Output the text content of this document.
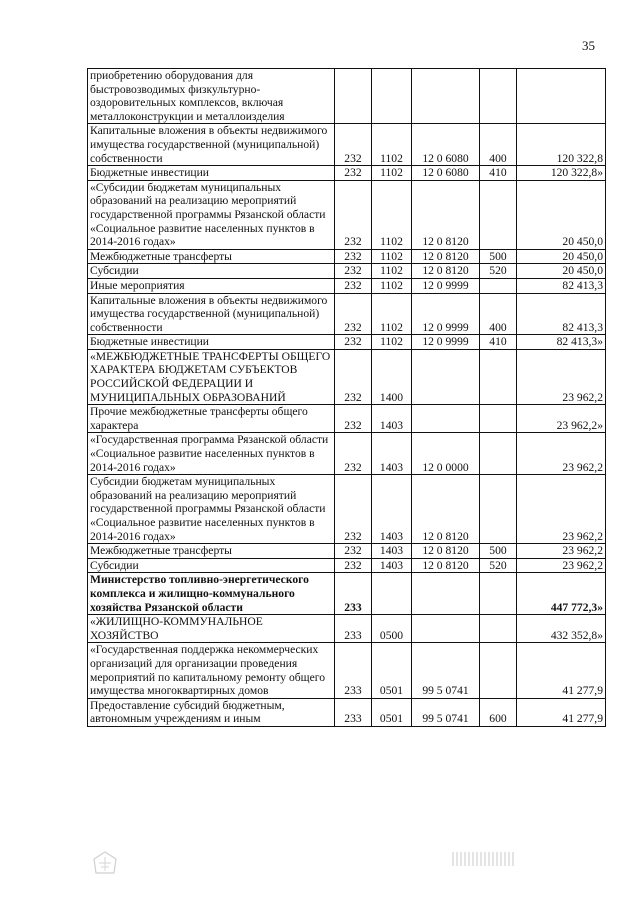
35
приобретению оборудования для быстровозводимых физкультурно-оздоровительных комплексов, включая металлоконструкции и металлоизделия					
Капитальные вложения в объекты недвижимого имущества государственной (муниципальной) собственности	232	1102	12 0 6080	400	120 322,8
Бюджетные инвестиции	232	1102	12 0 6080	410	120 322,8»
«Субсидии бюджетам муниципальных образований на реализацию мероприятий государственной программы Рязанской области «Социальное развитие населенных пунктов в 2014-2016 годах»	232	1102	12 0 8120		20 450,0
Межбюджетные трансферты	232	1102	12 0 8120	500	20 450,0
Субсидии	232	1102	12 0 8120	520	20 450,0
Иные мероприятия	232	1102	12 0 9999		82 413,3
Капитальные вложения в объекты недвижимого имущества государственной (муниципальной) собственности	232	1102	12 0 9999	400	82 413,3
Бюджетные инвестиции	232	1102	12 0 9999	410	82 413,3»
«МЕЖБЮДЖЕТНЫЕ ТРАНСФЕРТЫ ОБЩЕГО ХАРАКТЕРА БЮДЖЕТАМ СУБЪЕКТОВ РОССИЙСКОЙ ФЕДЕРАЦИИ И МУНИЦИПАЛЬНЫХ ОБРАЗОВАНИЙ	232	1400			23 962,2
Прочие межбюджетные трансферты общего характера	232	1403			23 962,2»
«Государственная программа Рязанской области «Социальное развитие населенных пунктов в 2014-2016 годах»	232	1403	12 0 0000		23 962,2
Субсидии бюджетам муниципальных образований на реализацию мероприятий государственной программы Рязанской области «Социальное развитие населенных пунктов в 2014-2016 годах»	232	1403	12 0 8120		23 962,2
Межбюджетные трансферты	232	1403	12 0 8120	500	23 962,2
Субсидии	232	1403	12 0 8120	520	23 962,2
Министерство топливно-энергетического комплекса и жилищно-коммунального хозяйства Рязанской области	233				447 772,3»
«ЖИЛИЩНО-КОММУНАЛЬНОЕ ХОЗЯЙСТВО	233	0500			432 352,8»
«Государственная поддержка некоммерческих организаций для организации проведения мероприятий по капитальному ремонту общего имущества многоквартирных домов	233	0501	99 5 0741		41 277,9
Предоставление субсидий бюджетным, автономным учреждениям и иным	233	0501	99 5 0741	600	41 277,9
